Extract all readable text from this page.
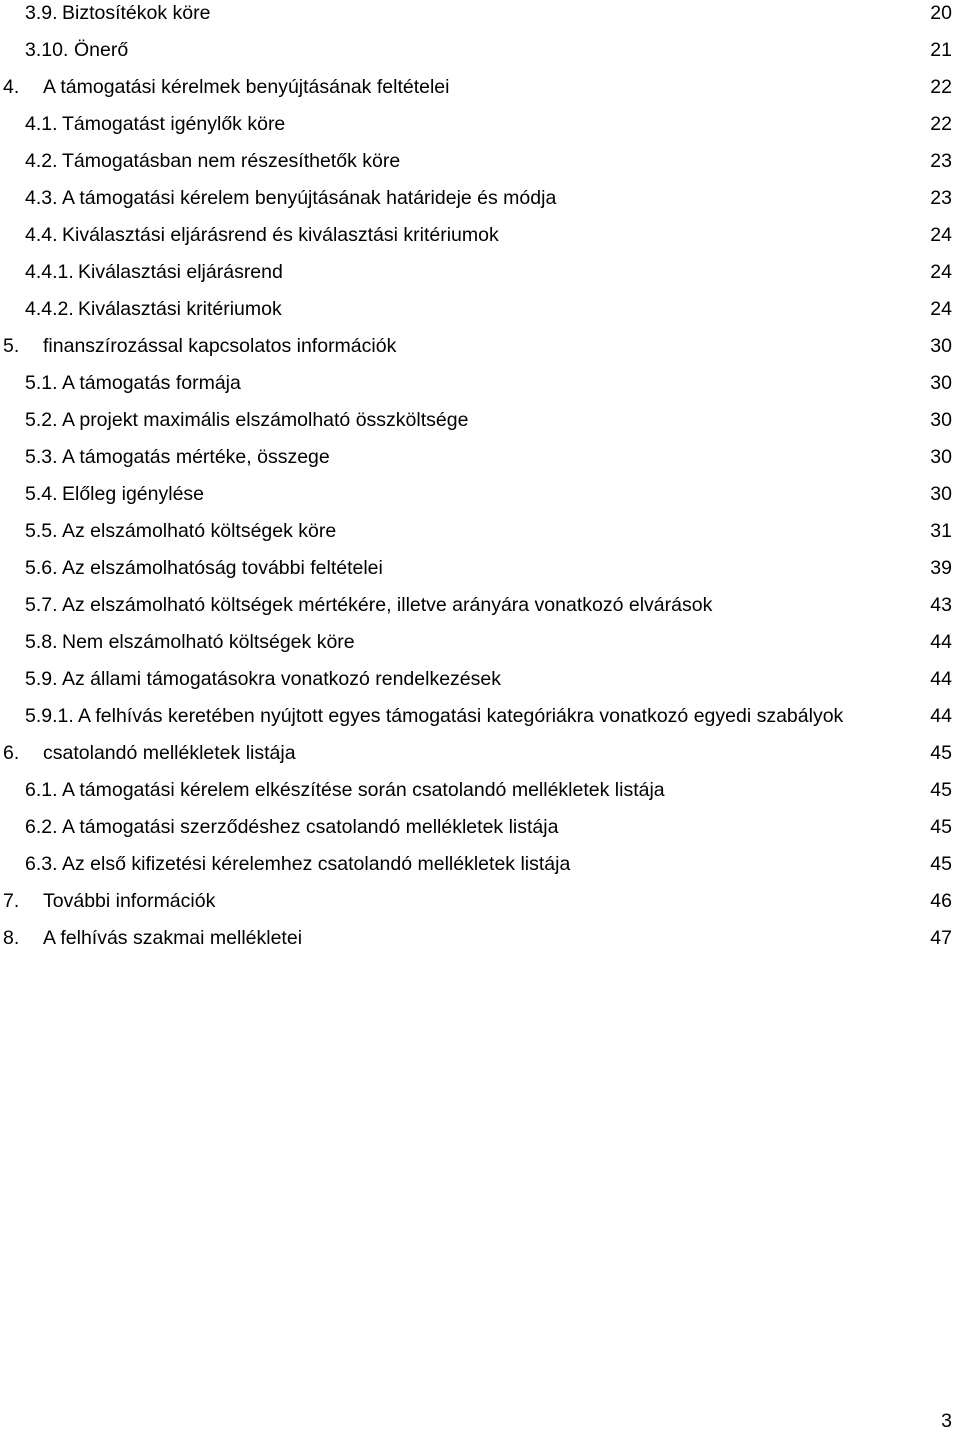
3.9. Biztosítékok köre	20
3.10. Önerő	21
4. A támogatási kérelmek benyújtásának feltételei	22
4.1. Támogatást igénylők köre	22
4.2. Támogatásban nem részesíthetők köre	23
4.3. A támogatási kérelem benyújtásának határideje és módja	23
4.4. Kiválasztási eljárásrend és kiválasztási kritériumok	24
4.4.1. Kiválasztási eljárásrend	24
4.4.2. Kiválasztási kritériumok	24
5. finanszírozással kapcsolatos információk	30
5.1. A támogatás formája	30
5.2. A projekt maximális elszámolható összköltsége	30
5.3. A támogatás mértéke, összege	30
5.4. Előleg igénylése	30
5.5. Az elszámolható költségek köre	31
5.6. Az elszámolhatóság további feltételei	39
5.7. Az elszámolható költségek mértékére, illetve arányára vonatkozó elvárások	43
5.8. Nem elszámolható költségek köre	44
5.9. Az állami támogatásokra vonatkozó rendelkezések	44
5.9.1. A felhívás keretében nyújtott egyes támogatási kategóriákra vonatkozó egyedi szabályok	44
6. csatolandó mellékletek listája	45
6.1. A támogatási kérelem elkészítése során csatolandó mellékletek listája	45
6.2. A támogatási szerződéshez csatolandó mellékletek listája	45
6.3. Az első kifizetési kérelemhez csatolandó mellékletek listája	45
7. További információk	46
8. A felhívás szakmai mellékletei	47
3
